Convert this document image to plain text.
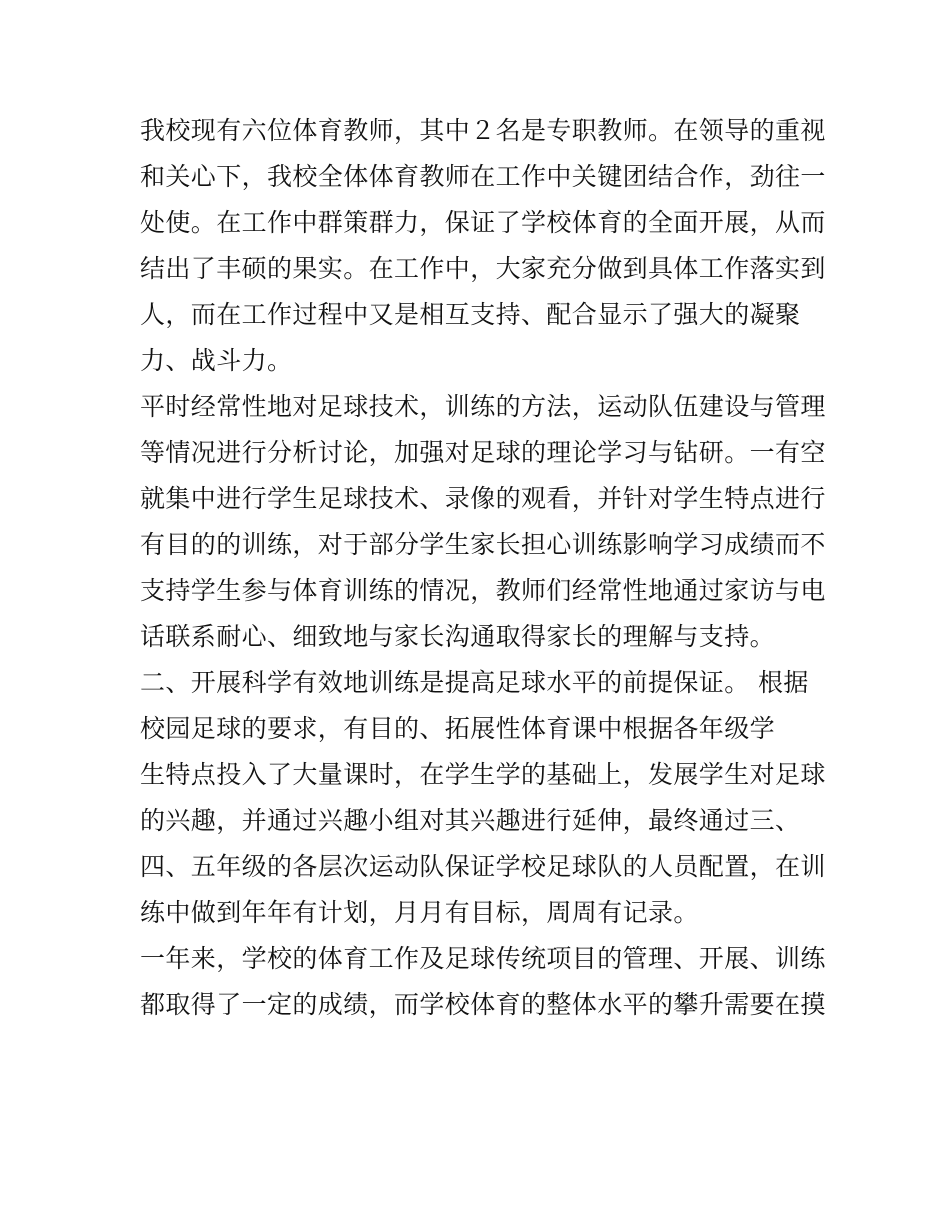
我校现有六位体育教师，其中２名是专职教师。在领导的重视
和关心下，我校全体体育教师在工作中关键团结合作，劲往一
处使。在工作中群策群力，保证了学校体育的全面开展，从而
结出了丰硕的果实。在工作中，大家充分做到具体工作落实到
人，而在工作过程中又是相互支持、配合显示了强大的凝聚
力、战斗力。
平时经常性地对足球技术，训练的方法，运动队伍建设与管理
等情况进行分析讨论，加强对足球的理论学习与钻研。一有空
就集中进行学生足球技术、录像的观看，并针对学生特点进行
有目的的训练，对于部分学生家长担心训练影响学习成绩而不
支持学生参与体育训练的情况，教师们经常性地通过家访与电
话联系耐心、细致地与家长沟通取得家长的理解与支持。
二、开展科学有效地训练是提高足球水平的前提保证。 根据
校园足球的要求，有目的、拓展性体育课中根据各年级学
生特点投入了大量课时，在学生学的基础上，发展学生对足球
的兴趣，并通过兴趣小组对其兴趣进行延伸，最终通过三、
四、五年级的各层次运动队保证学校足球队的人员配置，在训
练中做到年年有计划，月月有目标，周周有记录。
一年来，学校的体育工作及足球传统项目的管理、开展、训练
都取得了一定的成绩，而学校体育的整体水平的攀升需要在摸
